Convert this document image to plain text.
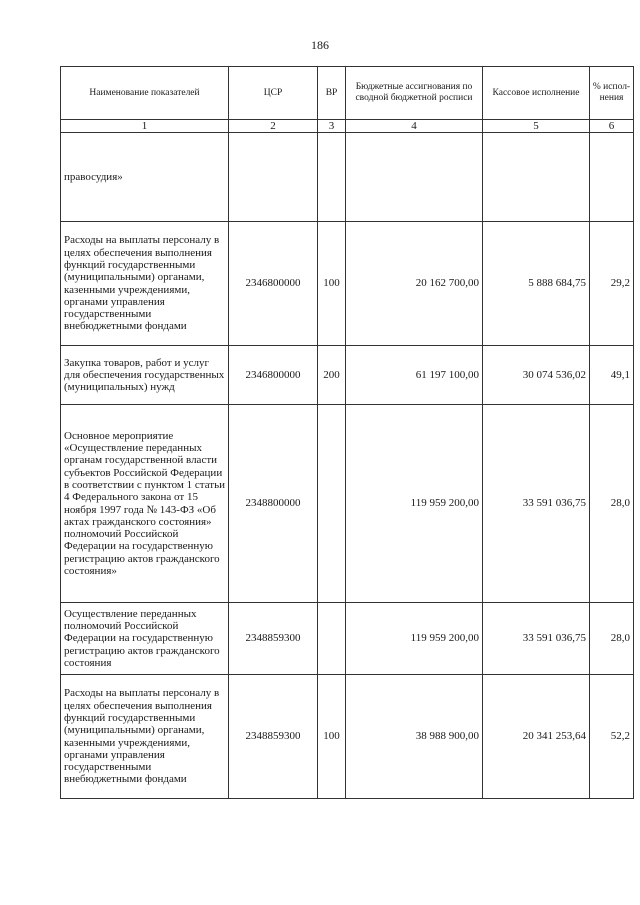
186
Наименование показателей	ЦСР	ВР	Бюджетные ассигнования по сводной бюджетной росписи	Кассовое исполнение	% испол-нения
1	2	3	4	5	6
правосудия»					
Расходы на выплаты персоналу в целях обеспечения выполнения функций государственными (муниципальными) органами, казенными учреждениями, органами управления государственными внебюджетными фондами	2346800000	100	20 162 700,00	5 888 684,75	29,2
Закупка товаров, работ и услуг для обеспечения государственных (муниципальных) нужд	2346800000	200	61 197 100,00	30 074 536,02	49,1
Основное мероприятие «Осуществление переданных органам государственной власти субъектов Российской Федерации в соответствии с пунктом 1 статьи 4 Федерального закона от 15 ноября 1997 года № 143-ФЗ «Об актах гражданского состояния» полномочий Российской Федерации на государственную регистрацию актов гражданского состояния»	2348800000		119 959 200,00	33 591 036,75	28,0
Осуществление переданных полномочий Российской Федерации на государственную регистрацию актов гражданского состояния	2348859300		119 959 200,00	33 591 036,75	28,0
Расходы на выплаты персоналу в целях обеспечения выполнения функций государственными (муниципальными) органами, казенными учреждениями, органами управления государственными внебюджетными фондами	2348859300	100	38 988 900,00	20 341 253,64	52,2
